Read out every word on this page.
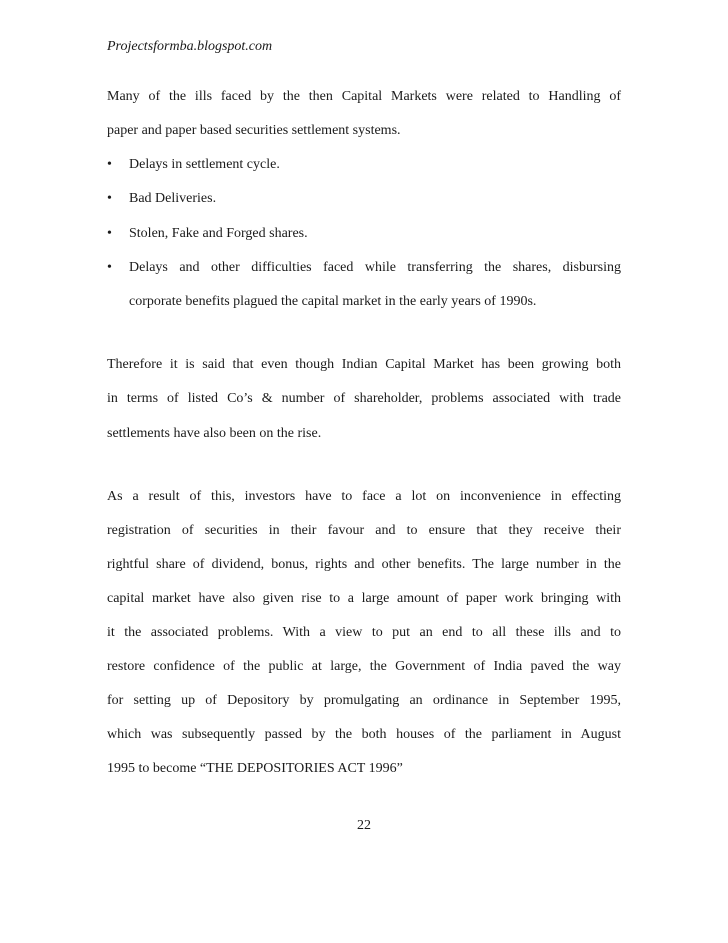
Projectsformba.blogspot.com
Many of the ills faced by the then Capital Markets were related to Handling of
paper and paper based securities settlement systems.
• Delays in settlement cycle.
• Bad Deliveries.
• Stolen, Fake and Forged shares.
• Delays and other difficulties faced while transferring the shares, disbursing
corporate benefits plagued the capital market in the early years of 1990s.
Therefore it is said that even though Indian Capital Market has been growing both
in terms of listed Co’s & number of shareholder, problems associated with trade
settlements have also been on the rise.
As a result of this, investors have to face a lot on inconvenience in effecting
registration of securities in their favour and to ensure that they receive their
rightful share of dividend, bonus, rights and other benefits. The large number in the
capital market have also given rise to a large amount of paper work bringing with
it the associated problems. With a view to put an end to all these ills and to
restore confidence of the public at large, the Government of India paved the way
for setting up of Depository by promulgating an ordinance in September 1995,
which was subsequently passed by the both houses of the parliament in August
1995 to become “THE DEPOSITORIES ACT 1996”
22
